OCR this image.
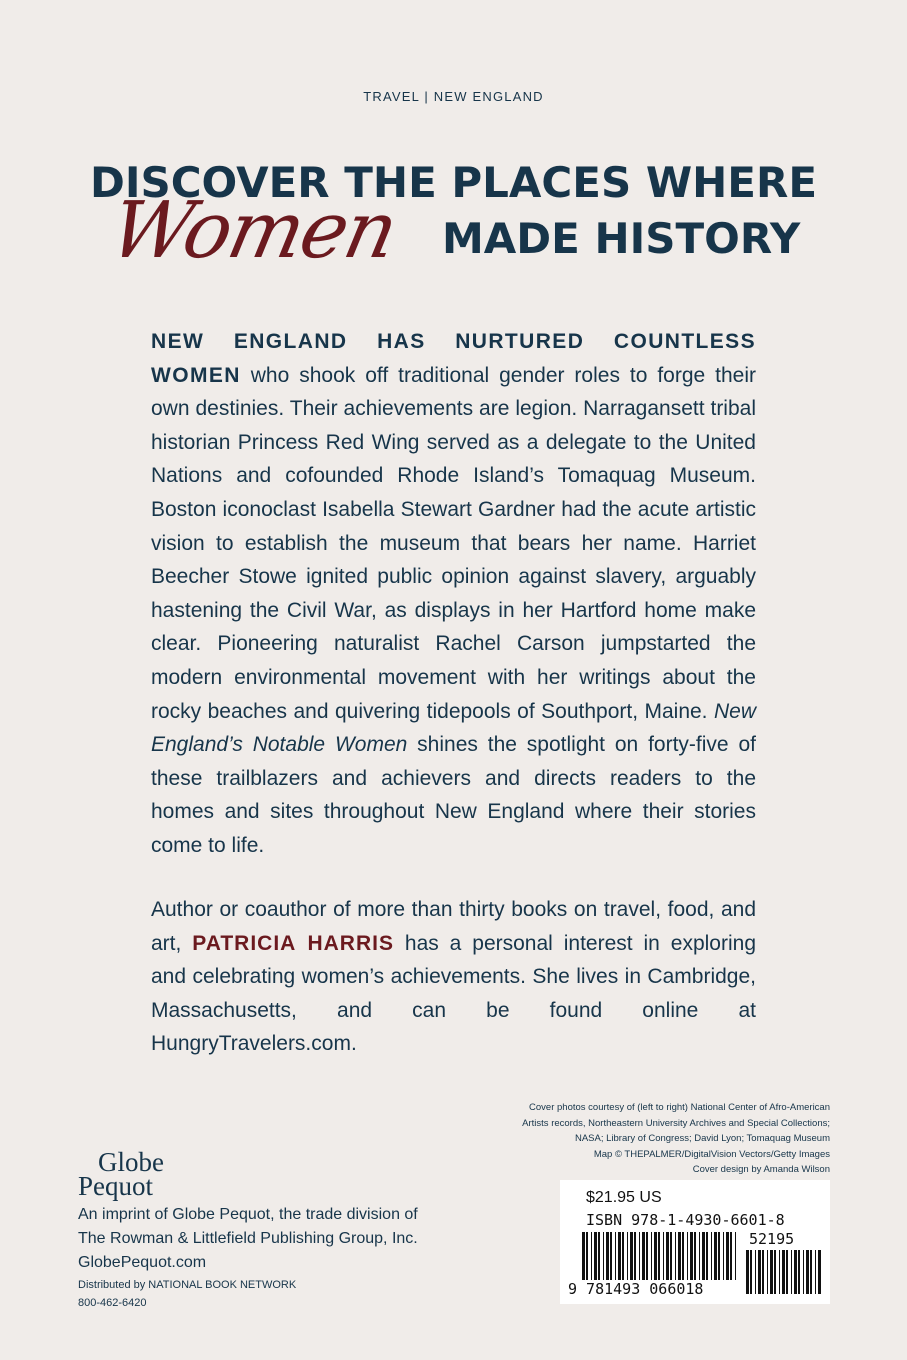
TRAVEL | NEW ENGLAND
DISCOVER THE PLACES WHERE
Women MADE HISTORY
NEW ENGLAND HAS NURTURED COUNTLESS WOMEN who shook off traditional gender roles to forge their own destinies. Their achievements are legion. Narragansett tribal historian Princess Red Wing served as a delegate to the United Nations and cofounded Rhode Island’s Tomaquag Museum. Boston iconoclast Isabella Stewart Gardner had the acute artistic vision to establish the museum that bears her name. Harriet Beecher Stowe ignited public opinion against slavery, arguably hastening the Civil War, as displays in her Hartford home make clear. Pioneering naturalist Rachel Carson jumpstarted the modern environmental movement with her writings about the rocky beaches and quivering tidepools of Southport, Maine. New England’s Notable Women shines the spotlight on forty-five of these trailblazers and achievers and directs readers to the homes and sites throughout New England where their stories come to life.
Author or coauthor of more than thirty books on travel, food, and art, PATRICIA HARRIS has a personal interest in exploring and celebrating women’s achievements. She lives in Cambridge, Massachusetts, and can be found online at HungryTravelers.com.
Cover photos courtesy of (left to right) National Center of Afro-American
Artists records, Northeastern University Archives and Special Collections;
NASA; Library of Congress; David Lyon; Tomaquag Museum
Map © THEPALMER/DigitalVision Vectors/Getty Images
Cover design by Amanda Wilson
Globe
Pequot
An imprint of Globe Pequot, the trade division of
The Rowman & Littlefield Publishing Group, Inc.
GlobePequot.com
Distributed by NATIONAL BOOK NETWORK
800-462-6420
$21.95 US
ISBN 978-1-4930-6601-8
52195
9 781493 066018
